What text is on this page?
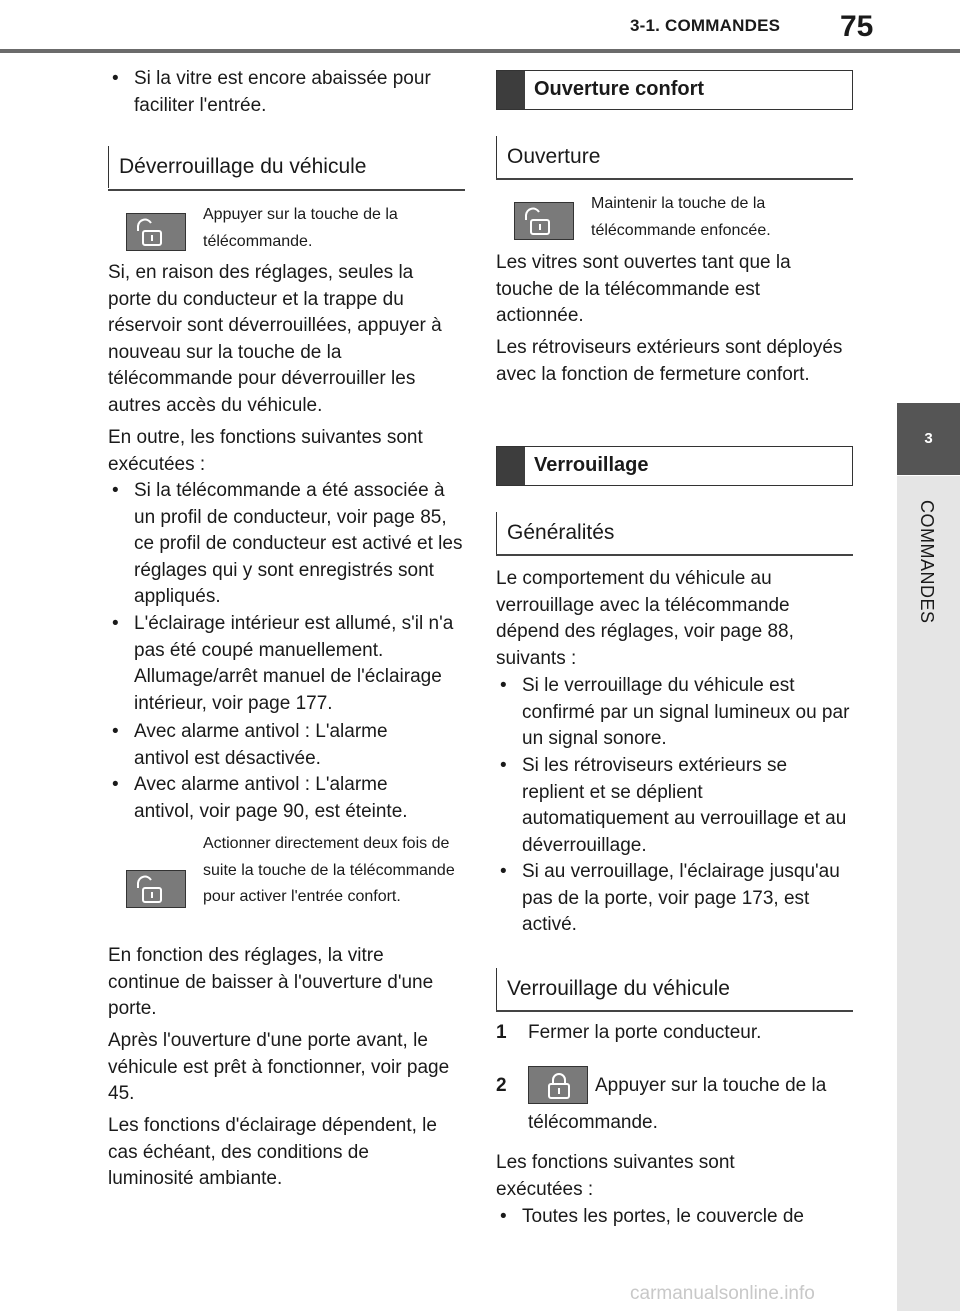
3-1. COMMANDES 75
3
COMMANDES
• Si la vitre est encore abaissée pour faciliter l'entrée.
Déverrouillage du véhicule
Appuyer sur la touche de la télécommande.

Si, en raison des réglages, seules la porte du conducteur et la trappe du réservoir sont déverrouillées, appuyer à nouveau sur la touche de la télécommande pour déverrouiller les autres accès du véhicule.

En outre, les fonctions suivantes sont exécutées :

• Si la télécommande a été associée à un profil de conducteur, voir page 85, ce profil de conducteur est activé et les réglages qui y sont enregistrés sont appliqués.
• L'éclairage intérieur est allumé, s'il n'a pas été coupé manuellement. Allumage/arrêt manuel de l'éclairage intérieur, voir page 177.
• Avec alarme antivol : L'alarme antivol est désactivée.
• Avec alarme antivol : L'alarme antivol, voir page 90, est éteinte.
Actionner directement deux fois de suite la touche de la télécommande pour activer l'entrée confort.

En fonction des réglages, la vitre continue de baisser à l'ouverture d'une porte.

Après l'ouverture d'une porte avant, le véhicule est prêt à fonctionner, voir page 45.

Les fonctions d'éclairage dépendent, le cas échéant, des conditions de luminosité ambiante.

Ouverture confort
Ouverture
Maintenir la touche de la télécommande enfoncée.

Les vitres sont ouvertes tant que la touche de la télécommande est actionnée.

Les rétroviseurs extérieurs sont déployés avec la fonction de fermeture confort.

Verrouillage
Généralités

Le comportement du véhicule au verrouillage avec la télécommande dépend des réglages, voir page 88, suivants :

• Si le verrouillage du véhicule est confirmé par un signal lumineux ou par un signal sonore.
• Si les rétroviseurs extérieurs se replient et se déplient automatiquement au verrouillage et au déverrouillage.
• Si au verrouillage, l'éclairage jusqu'au pas de la porte, voir page 173, est activé.
Verrouillage du véhicule
1 Fermer la porte conducteur.
2	Appuyer sur la touche de la
télécommande.

Les fonctions suivantes sont exécutées :

• Toutes les portes, le couvercle de
carmanualsonline.info
